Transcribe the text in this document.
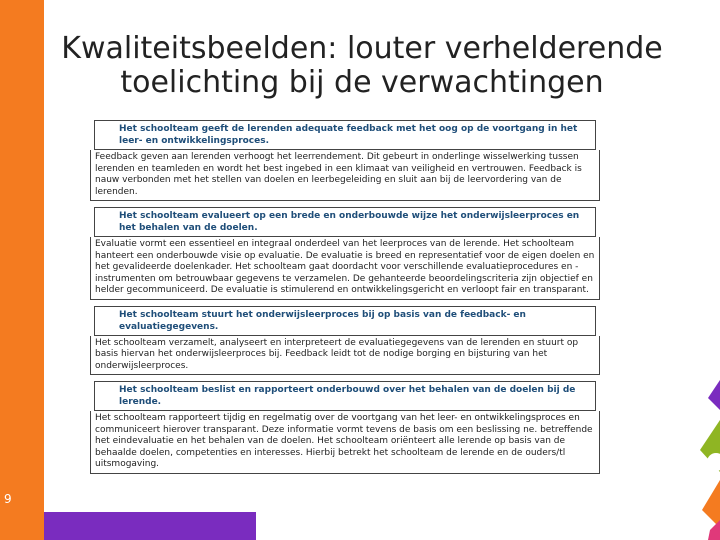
9
Kwaliteitsbeelden: louter verhelderende
toelichting bij de verwachtingen
Het schoolteam geeft de lerenden adequate feedback met het oog op de voortgang in het leer- en ontwikkelingsproces.
Feedback geven aan lerenden verhoogt het leerrendement. Dit gebeurt in onderlinge wisselwerking tussen lerenden en teamleden en wordt het best ingebed in een klimaat van veiligheid en vertrouwen. Feedback is nauw verbonden met het stellen van doelen en leerbegeleiding en sluit aan bij de leervordering van de lerenden.
Het schoolteam evalueert op een brede en onderbouwde wijze het onderwijsleerproces en het behalen van de doelen.
Evaluatie vormt een essentieel en integraal onderdeel van het leerproces van de lerende. Het schoolteam hanteert een onderbouwde visie op evaluatie. De evaluatie is breed en representatief voor de eigen doelen en het gevalideerde doelenkader. Het schoolteam gaat doordacht voor verschillende evaluatieprocedures en -instrumenten om betrouwbaar gegevens te verzamelen. De gehanteerde beoordelingscriteria zijn objectief en helder gecommuniceerd. De evaluatie is stimulerend en ontwikkelingsgericht en verloopt fair en transparant.
Het schoolteam stuurt het onderwijsleerproces bij op basis van de feedback- en evaluatiegegevens.
Het schoolteam verzamelt, analyseert en interpreteert de evaluatiegegevens van de lerenden en stuurt op basis hiervan het onderwijsleerproces bij. Feedback leidt tot de nodige borging en bijsturing van het onderwijsleerproces.
Het schoolteam beslist en rapporteert onderbouwd over het behalen van de doelen bij de lerende.
Het schoolteam rapporteert tijdig en regelmatig over de voortgang van het leer- en ontwikkelingsproces en communiceert hierover transparant. Deze informatie vormt tevens de basis om een beslissing ne. betreffende het eindevaluatie en het behalen van de doelen. Het schoolteam oriënteert alle lerende op basis van de behaalde doelen, competenties en interesses. Hierbij betrekt het schoolteam de lerende en de ouders/tl uitsmogaving.
